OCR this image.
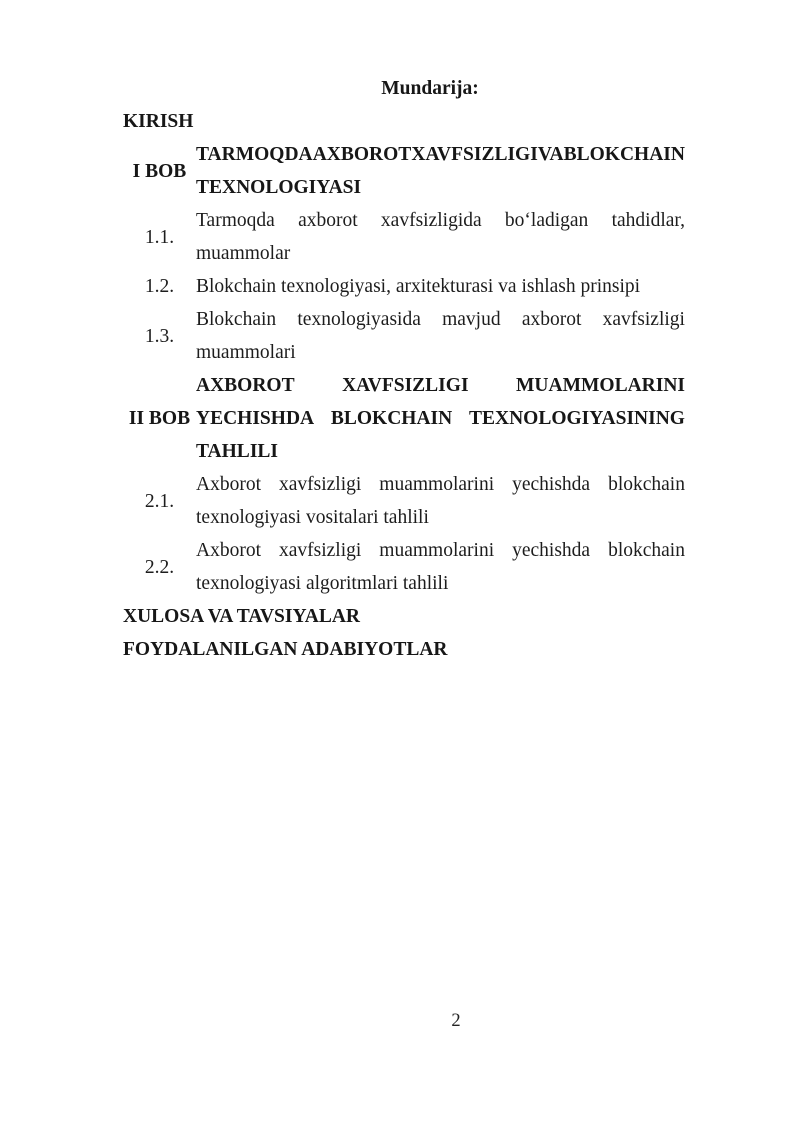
Mundarija:
KIRISH
I BOB
TARMOQDA AXBOROT XAVFSIZLIGI VA BLOKCHAIN
TEXNOLOGIYASI
1.1.
Tarmoqda axborot xavfsizligida boʻladigan tahdidlar,
muammolar
1.2.	Blokchain texnologiyasi, arxitekturasi va ishlash prinsipi
1.3.
Blokchain texnologiyasida mavjud axborot xavfsizligi
muammolari
II BOB
AXBOROT XAVFSIZLIGI MUAMMOLARINI
YECHISHDA BLOKCHAIN TEXNOLOGIYASINING
TAHLILI
2.1.
Axborot xavfsizligi muammolarini yechishda blokchain
texnologiyasi vositalari tahlili
2.2.
Axborot xavfsizligi muammolarini yechishda blokchain
texnologiyasi algoritmlari tahlili
XULOSA VA TAVSIYALAR
FOYDALANILGAN ADABIYOTLAR
2
